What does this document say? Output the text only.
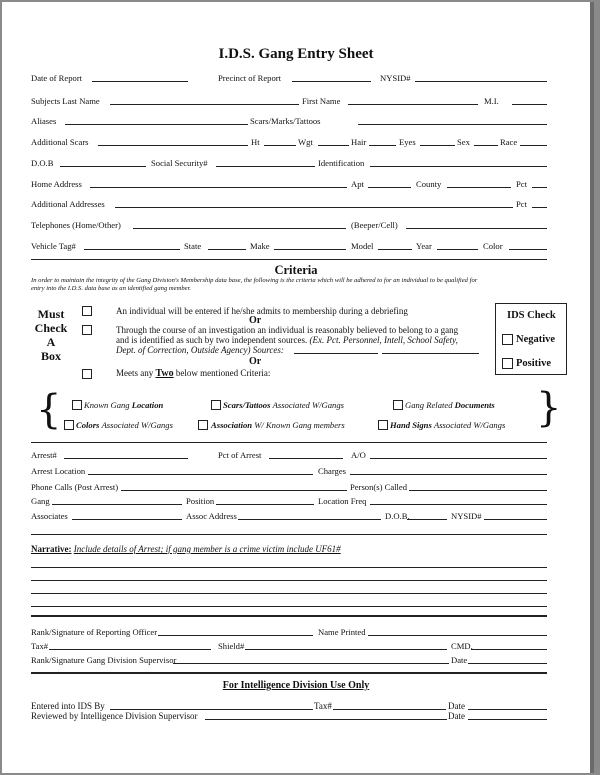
I.D.S. Gang Entry Sheet
Date of Report	Precinct of Report	NYSID#
Subjects Last Name	First Name	M.I.
Aliases	Scars/Marks/Tattoos
Additional Scars	Ht	Wgt	Hair	Eyes	Sex	Race
D.O.B	Social Security#	Identification
Home Address	Apt	County	Pct
Additional Addresses	Pct
Telephones (Home/Other)	(Beeper/Cell)
Vehicle Tag#	State	Make	Model	Year	Color
Criteria
In order to maintain the integrity of the Gang Division's Membership data base, the following is the criteria which will be adhered to for an individual to be qualified for
entry into the I.D.S. data base as an identified gang member.
Must
Check
A
Box
An individual will be entered if he/she admits to membership during a debriefing
Or
Through the course of an investigation an individual is reasonably believed to belong to a gang
and is identified as such by two independent sources. (Ex. Pct. Personnel, Intell, School Safety,
Dept. of Correction, Outside Agency) Sources:
Or
Meets any Two below mentioned Criteria:
IDS Check
Negative
Positive
{	}
Known Gang Location	Scars/Tattoos Associated W/Gangs	Gang Related Documents
Colors Associated W/Gangs	Association W/ Known Gang members	Hand Signs Associated W/Gangs
Arrest#	Pct of Arrest	A/O
Arrest Location	Charges
Phone Calls (Post Arrest)	Person(s) Called
Gang	Position	Location Freq
Associates	Assoc Address	D.O.B.	NYSID#
Narrative: Include details of Arrest; if gang member is a crime victim include UF61#
Rank/Signature of Reporting Officer	Name Printed
Tax#	Shield#	CMD.
Rank/Signature Gang Division Supervisor	Date
For Intelligence Division Use Only
Entered into IDS By	Tax#	Date
Reviewed by Intelligence Division Supervisor	Date
